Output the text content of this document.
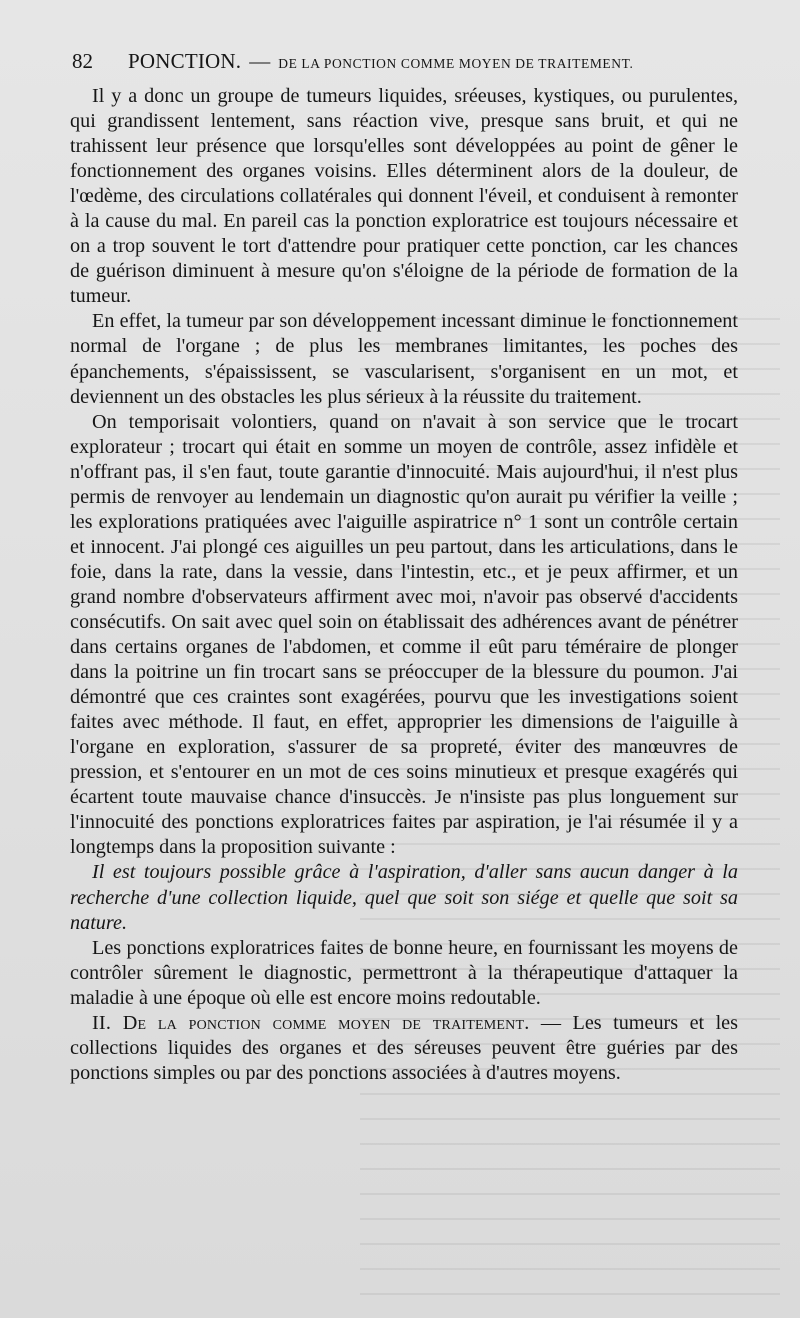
82 PONCTION. — DE LA PONCTION COMME MOYEN DE TRAITEMENT.

Il y a donc un groupe de tumeurs liquides, sréeuses, kystiques, ou purulentes, qui grandissent lentement, sans réaction vive, presque sans bruit, et qui ne trahissent leur présence que lorsqu'elles sont développées au point de gêner le fonctionnement des organes voisins. Elles déterminent alors de la douleur, de l'œdème, des circulations collatérales qui donnent l'éveil, et conduisent à remonter à la cause du mal. En pareil cas la ponction exploratrice est toujours nécessaire et on a trop souvent le tort d'attendre pour pratiquer cette ponction, car les chances de guérison diminuent à mesure qu'on s'éloigne de la période de formation de la tumeur.

En effet, la tumeur par son développement incessant diminue le fonctionnement normal de l'organe ; de plus les membranes limitantes, les poches des épanchements, s'épaississent, se vascularisent, s'organisent en un mot, et deviennent un des obstacles les plus sérieux à la réussite du traitement.

On temporisait volontiers, quand on n'avait à son service que le trocart explorateur ; trocart qui était en somme un moyen de contrôle, assez infidèle et n'offrant pas, il s'en faut, toute garantie d'innocuité. Mais aujourd'hui, il n'est plus permis de renvoyer au lendemain un diagnostic qu'on aurait pu vérifier la veille ; les explorations pratiquées avec l'aiguille aspiratrice n° 1 sont un contrôle certain et innocent. J'ai plongé ces aiguilles un peu partout, dans les articulations, dans le foie, dans la rate, dans la vessie, dans l'intestin, etc., et je peux affirmer, et un grand nombre d'observateurs affirment avec moi, n'avoir pas observé d'accidents consécutifs. On sait avec quel soin on établissait des adhérences avant de pénétrer dans certains organes de l'abdomen, et comme il eût paru téméraire de plonger dans la poitrine un fin trocart sans se préoccuper de la blessure du poumon. J'ai démontré que ces craintes sont exagérées, pourvu que les investigations soient faites avec méthode. Il faut, en effet, approprier les dimensions de l'aiguille à l'organe en exploration, s'assurer de sa propreté, éviter des manœuvres de pression, et s'entourer en un mot de ces soins minutieux et presque exagérés qui écartent toute mauvaise chance d'insuccès. Je n'insiste pas plus longuement sur l'innocuité des ponctions exploratrices faites par aspiration, je l'ai résumée il y a longtemps dans la proposition suivante :

Il est toujours possible grâce à l'aspiration, d'aller sans aucun danger à la recherche d'une collection liquide, quel que soit son siége et quelle que soit sa nature.

Les ponctions exploratrices faites de bonne heure, en fournissant les moyens de contrôler sûrement le diagnostic, permettront à la thérapeutique d'attaquer la maladie à une époque où elle est encore moins redoutable.

II. De la ponction comme moyen de traitement. — Les tumeurs et les collections liquides des organes et des séreuses peuvent être guéries par des ponctions simples ou par des ponctions associées à d'autres moyens.
